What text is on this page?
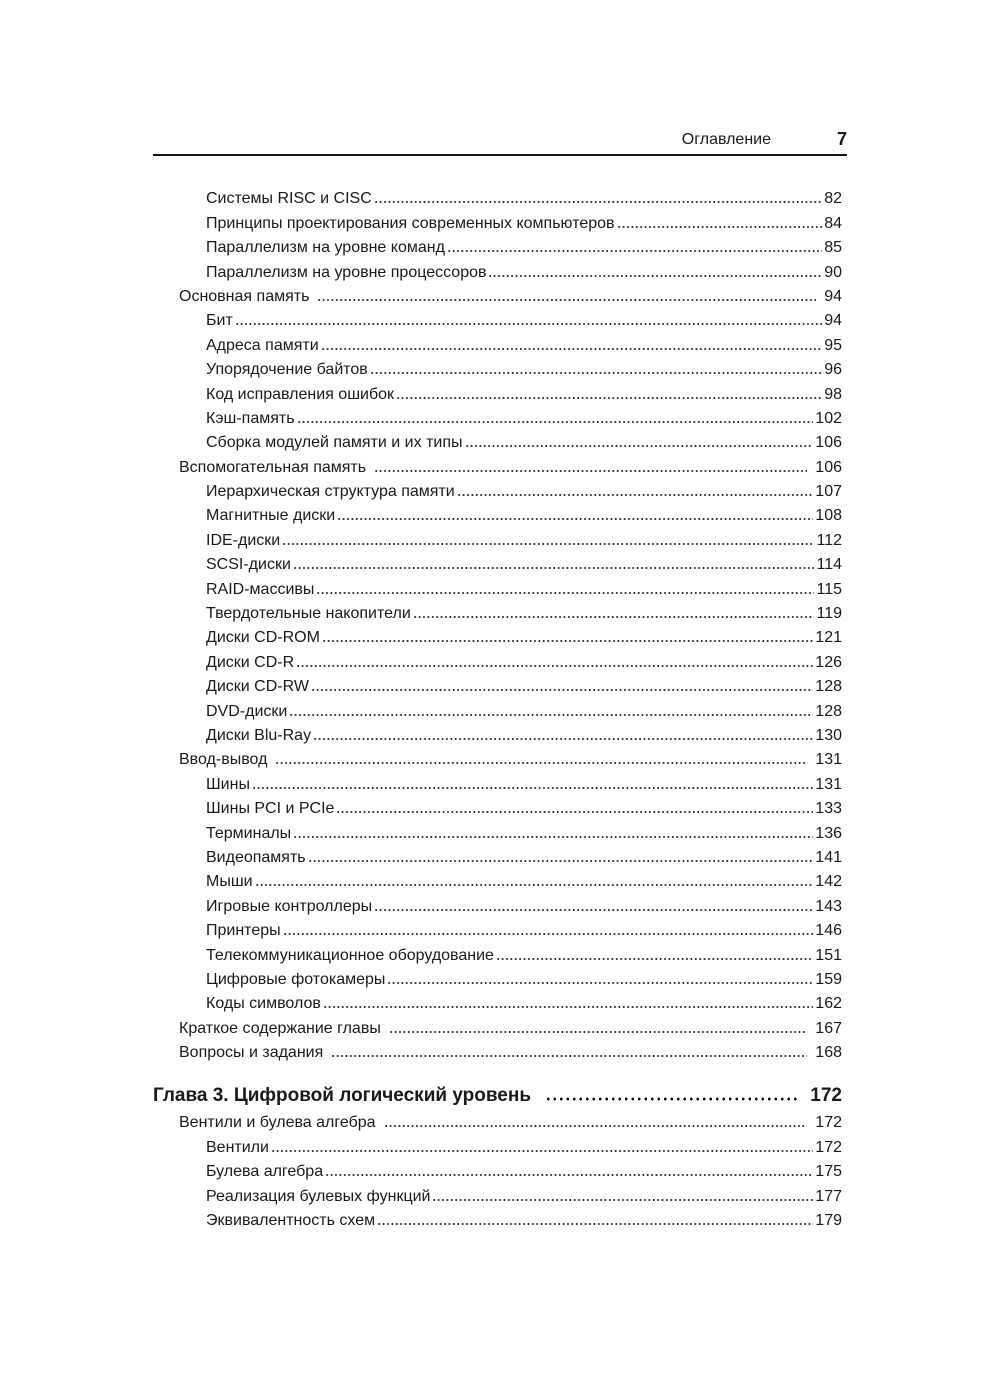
Оглавление	7
Системы RISC и CISC	82
Принципы проектирования современных компьютеров	84
Параллелизм на уровне команд	85
Параллелизм на уровне процессоров	90
Основная память	94
Бит	94
Адреса памяти	95
Упорядочение байтов	96
Код исправления ошибок	98
Кэш-память	102
Сборка модулей памяти и их типы	106
Вспомогательная память	106
Иерархическая структура памяти	107
Магнитные диски	108
IDE-диски	112
SCSI-диски	114
RAID-массивы	115
Твердотельные накопители	119
Диски CD-ROM	121
Диски CD-R	126
Диски CD-RW	128
DVD-диски	128
Диски Blu-Ray	130
Ввод-вывод	131
Шины	131
Шины PCI и PCIe	133
Терминалы	136
Видеопамять	141
Мыши	142
Игровые контроллеры	143
Принтеры	146
Телекоммуникационное оборудование	151
Цифровые фотокамеры	159
Коды символов	162
Краткое содержание главы	167
Вопросы и задания	168
Глава 3. Цифровой логический уровень	172
Вентили и булева алгебра	172
Вентили	172
Булева алгебра	175
Реализация булевых функций	177
Эквивалентность схем	179
